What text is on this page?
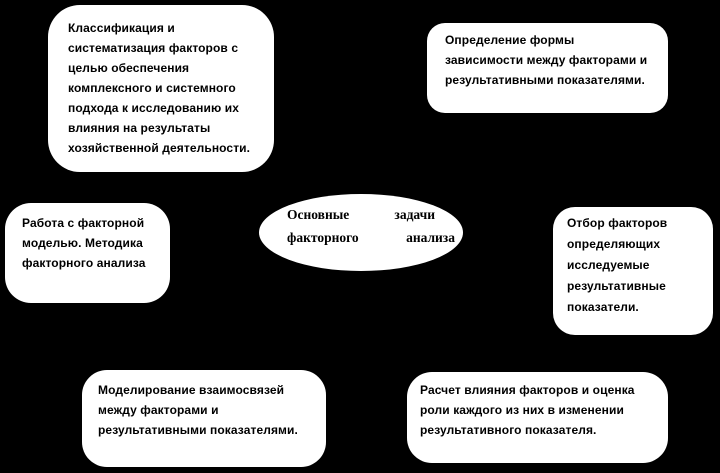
Классификация и
систематизация факторов с
целью обеспечения
комплексного и системного
подхода к исследованию их
влияния на результаты
хозяйственной деятельности.
Определение формы
зависимости между факторами и
результативными показателями.
Работа с факторной
моделью. Методика
факторного анализа
Основные	задачи
факторного	анализа
Отбор факторов
определяющих
исследуемые
результативные
показатели.
Моделирование взаимосвязей
между факторами и
результативными показателями.
Расчет влияния факторов и оценка
роли каждого из них в изменении
результативного показателя.
